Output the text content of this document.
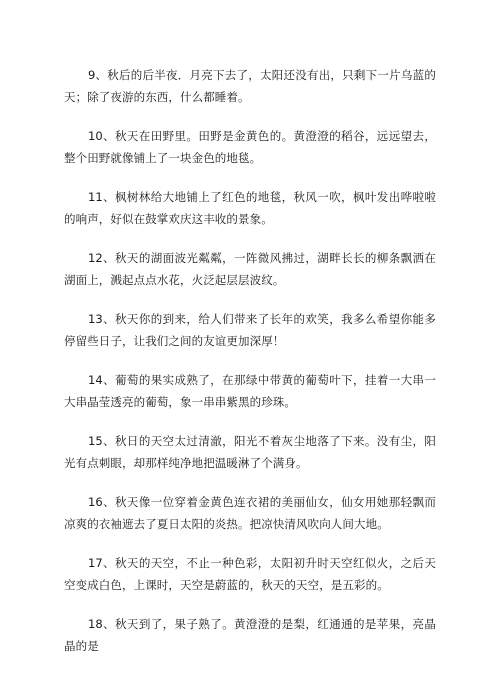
9、秋后的后半夜．月亮下去了，太阳还没有出，只剩下一片乌蓝的天；除了夜游的东西，什么都睡着。

10、秋天在田野里。田野是金黄色的。黄澄澄的稻谷，远远望去，整个田野就像铺上了一块金色的地毯。

11、枫树林给大地铺上了红色的地毯，秋风一吹，枫叶发出哗啦啦的响声，好似在鼓掌欢庆这丰收的景象。

12、秋天的湖面波光粼粼，一阵微风拂过，湖畔长长的柳条飘洒在湖面上，溅起点点水花，火泛起层层波纹。

13、秋天你的到来，给人们带来了长年的欢笑，我多么希望你能多停留些日子，让我们之间的友谊更加深厚！

14、葡萄的果实成熟了，在那绿中带黄的葡萄叶下，挂着一大串一大串晶莹透亮的葡萄，象一串串紫黑的珍珠。

15、秋日的天空太过清澈，阳光不着灰尘地落了下来。没有尘，阳光有点刺眼，却那样纯净地把温暖淋了个满身。

16、秋天像一位穿着金黄色连衣裙的美丽仙女，仙女用她那轻飘而凉爽的衣袖遮去了夏日太阳的炎热。把凉快清风吹向人间大地。

17、秋天的天空，不止一种色彩，太阳初升时天空红似火，之后天空变成白色，上课时，天空是蔚蓝的，秋天的天空，是五彩的。

18、秋天到了，果子熟了。黄澄澄的是梨，红通通的是苹果，亮晶晶的是
